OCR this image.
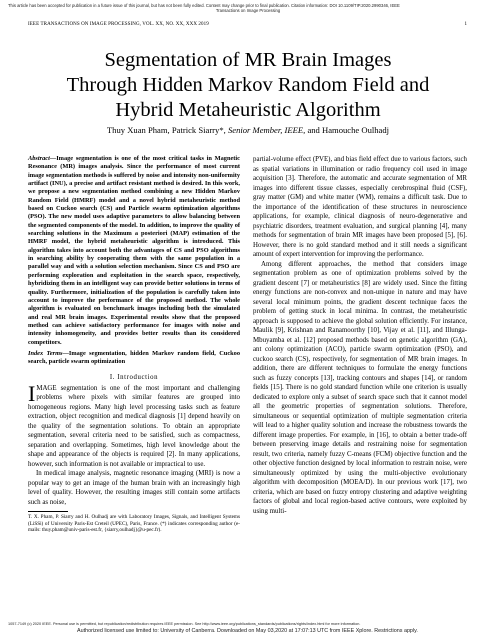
This article has been accepted for publication in a future issue of this journal, but has not been fully edited. Content may change prior to final publication. Citation information: DOI 10.1109/TIP.2020.2990346, IEEE
Transactions on Image Processing
IEEE TRANSACTIONS ON IMAGE PROCESSING, VOL. XX, NO. XX, XXX 2019	1
Segmentation of MR Brain Images
Through Hidden Markov Random Field and
Hybrid Metaheuristic Algorithm
Thuy Xuan Pham, Patrick Siarry*, Senior Member, IEEE, and Hamouche Oulhadj

Abstract—Image segmentation is one of the most critical tasks in Magnetic Resonance (MR) images analysis. Since the performance of most current image segmentation methods is suffered by noise and intensity non-uniformity artifact (INU), a precise and artifact resistant method is desired. In this work, we propose a new segmentation method combining a new Hidden Markov Random Field (HMRF) model and a novel hybrid metaheuristic method based on Cuckoo search (CS) and Particle swarm optimization algorithms (PSO). The new model uses adaptive parameters to allow balancing between the segmented components of the model. In addition, to improve the quality of searching solutions in the Maximum a posteriori (MAP) estimation of the HMRF model, the hybrid metaheuristic algorithm is introduced. This algorithm takes into account both the advantages of CS and PSO algorithms in searching ability by cooperating them with the same population in a parallel way and with a solution selection mechanism. Since CS and PSO are performing exploration and exploitation in the search space, respectively, hybridizing them in an intelligent way can provide better solutions in terms of quality. Furthermore, initialization of the population is carefully taken into account to improve the performance of the proposed method. The whole algorithm is evaluated on benchmark images including both the simulated and real MR brain images. Experimental results show that the proposed method can achieve satisfactory performance for images with noise and intensity inhomogeneity, and provides better results than its considered competitors.

Index Terms—Image segmentation, hidden Markov random field, Cuckoo search, particle swarm optimization

I. Introduction

IMAGE segmentation is one of the most important and challenging problems where pixels with similar features are grouped into homogeneous regions. Many high level processing tasks such as feature extraction, object recognition and medical diagnosis [1] depend heavily on the quality of the segmentation solutions. To obtain an appropriate segmentation, several criteria need to be satisfied, such as compactness, separation and overlapping. Sometimes, high level knowledge about the shape and appearance of the objects is required [2]. In many applications, however, such information is not available or impractical to use.

In medical image analysis, magnetic resonance imaging (MRI) is now a popular way to get an image of the human brain with an increasingly high level of quality. However, the resulting images still contain some artifacts such as noise,

T. X. Pham, P. Siarry and H. Oulhadj are with Laboratory Images, Signals, and Intelligent Systems (LiSSi) of University Paris-Est Creteil (UPEC), Paris, France. (*) indicates corresponding author (e-mails: thuy.pham@univ-paris-est.fr, {siarry,oulhadj}@u-pec.fr).

partial-volume effect (PVE), and bias field effect due to various factors, such as spatial variations in illumination or radio frequency coil used in image acquisition [3]. Therefore, the automatic and accurate segmentation of MR images into different tissue classes, especially cerebrospinal fluid (CSF), gray matter (GM) and white matter (WM), remains a difficult task. Due to the importance of the identification of these structures in neuroscience applications, for example, clinical diagnosis of neuro-degenerative and psychiatric disorders, treatment evaluation, and surgical planning [4], many methods for segmentation of brain MR images have been proposed [5], [6]. However, there is no gold standard method and it still needs a significant amount of expert intervention for improving the performance.

Among different approaches, the method that considers image segmentation problem as one of optimization problems solved by the gradient descent [7] or metaheuristics [8] are widely used. Since the fitting energy functions are non-convex and non-unique in nature and may have several local minimum points, the gradient descent technique faces the problem of getting stuck in local minima. In contrast, the metaheuristic approach is supposed to achieve the global solution efficiently. For instance, Maulik [9], Krishnan and Ranamoorthy [10], Vijay et al. [11], and Illunga-Mbuyamba et al. [12] proposed methods based on genetic algorithm (GA), ant colony optimization (ACO), particle swarm optimization (PSO), and cuckoo search (CS), respectively, for segmentation of MR brain images. In addition, there are different techniques to formulate the energy functions such as fuzzy concepts [13], tracking contours and shapes [14], or random fields [15]. There is no gold standard function while one criterion is usually dedicated to explore only a subset of search space such that it cannot model all the geometric properties of segmentation solutions. Therefore, simultaneous or sequential optimization of multiple segmentation criteria will lead to a higher quality solution and increase the robustness towards the different image properties. For example, in [16], to obtain a better trade-off between preserving image details and restraining noise for segmentation result, two criteria, namely fuzzy C-means (FCM) objective function and the other objective function designed by local information to restrain noise, were simultaneously optimized by using the multi-objective evolutionary algorithm with decomposition (MOEA/D). In our previous work [17], two criteria, which are based on fuzzy entropy clustering and adaptive weighting factors of global and local region-based active contours, were exploited by using multi-

1057-7149 (c) 2020 IEEE. Personal use is permitted, but republication/redistribution requires IEEE permission. See http://www.ieee.org/publications_standards/publications/rights/index.html for more information.
Authorized licensed use limited to: University of Canberra. Downloaded on May 03,2020 at 17:07:13 UTC from IEEE Xplore. Restrictions apply.
